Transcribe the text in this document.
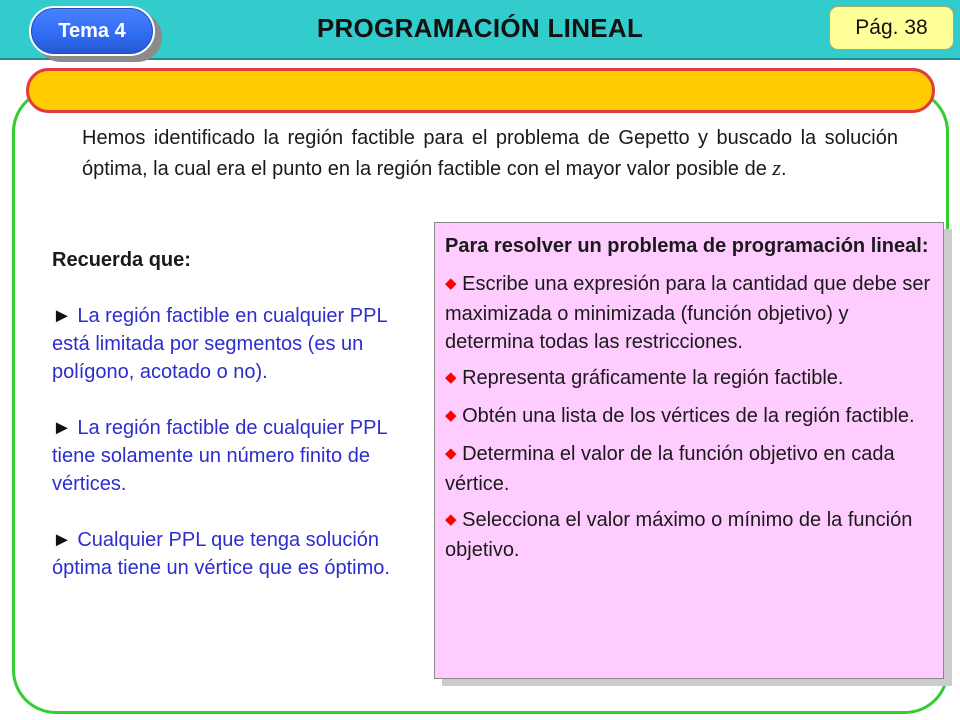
PROGRAMACIÓN LINEAL
Tema 4	Pág. 38
Hemos identificado la región factible para el problema de Gepetto y buscado la solución óptima, la cual era el punto en la región factible con el mayor valor posible de z.
Recuerda que:
► La región factible en cualquier PPL está limitada por segmentos (es un polígono, acotado o no).
► La región factible de cualquier PPL tiene solamente un número finito de vértices.
► Cualquier PPL que tenga solución óptima tiene un vértice que es óptimo.
Para resolver un problema de programación lineal:
◆ Escribe una expresión para la cantidad que debe ser maximizada o minimizada (función objetivo) y determina todas las restricciones.
◆ Representa gráficamente la región factible.
◆ Obtén una lista de los vértices de la región factible.
◆ Determina el valor de la función objetivo en cada vértice.
◆ Selecciona el valor máximo o mínimo de la función objetivo.
